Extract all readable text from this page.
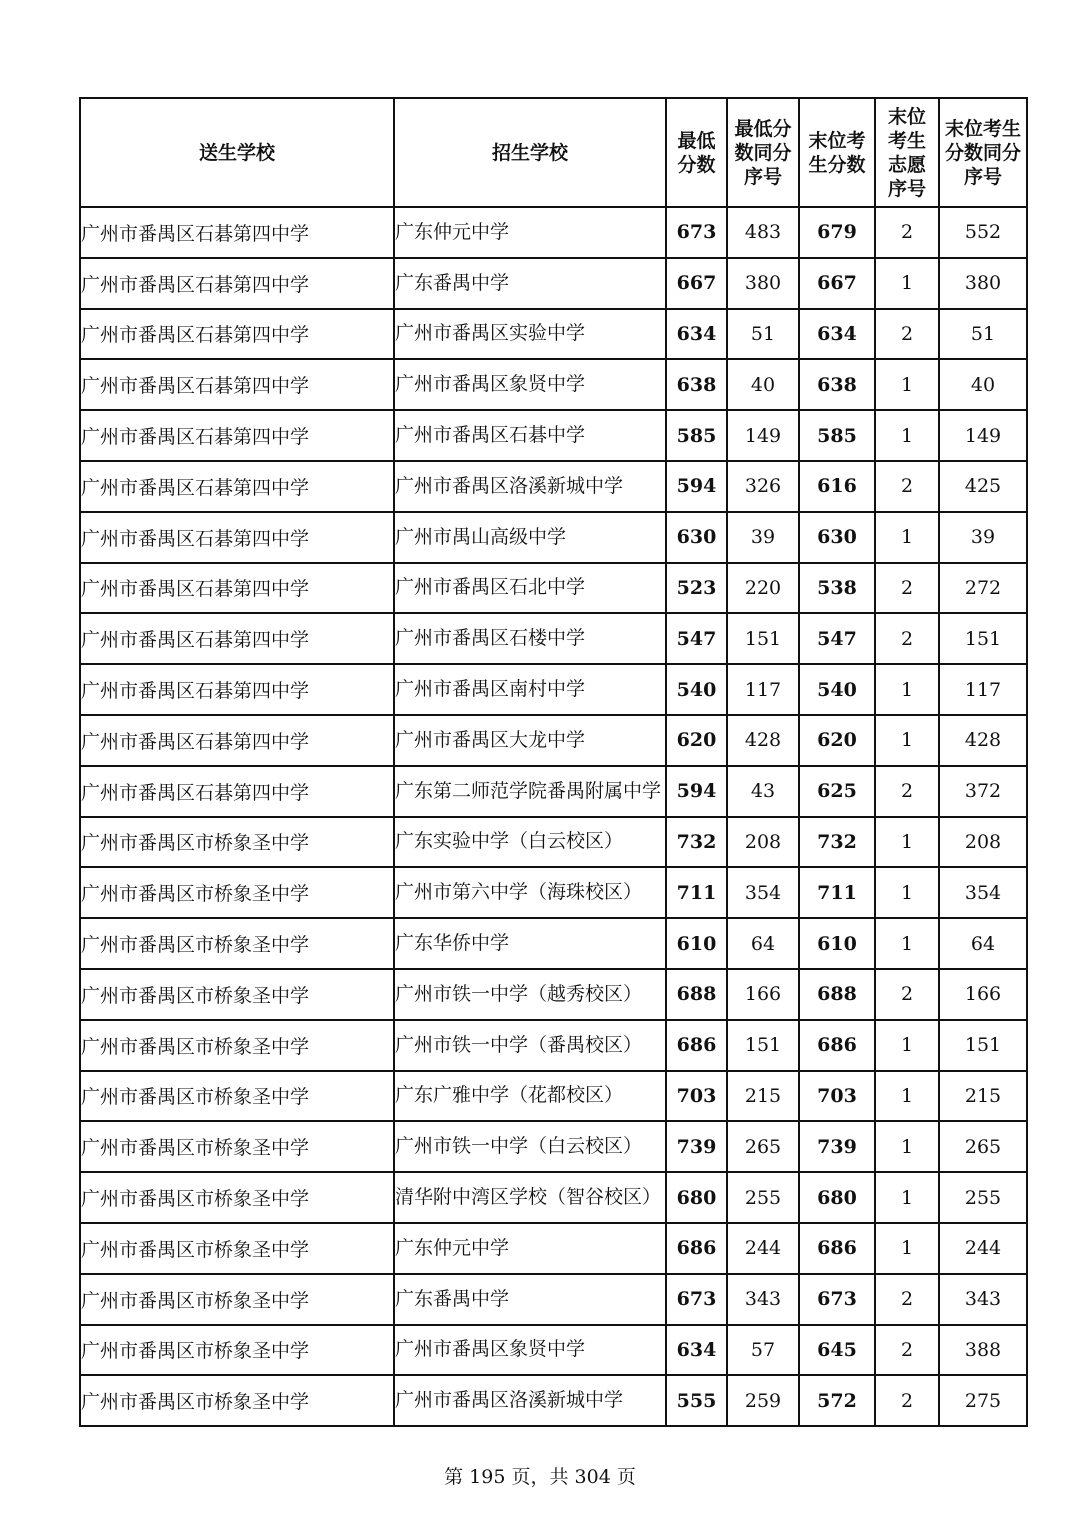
送生学校	招生学校	最低分数	最低分数同分序号	末位考生分数	末位考生志愿序号	末位考生分数同分序号
广州市番禺区石碁第四中学	广东仲元中学	673	483	679	2	552
广州市番禺区石碁第四中学	广东番禺中学	667	380	667	1	380
广州市番禺区石碁第四中学	广州市番禺区实验中学	634	51	634	2	51
广州市番禺区石碁第四中学	广州市番禺区象贤中学	638	40	638	1	40
广州市番禺区石碁第四中学	广州市番禺区石碁中学	585	149	585	1	149
广州市番禺区石碁第四中学	广州市番禺区洛溪新城中学	594	326	616	2	425
广州市番禺区石碁第四中学	广州市禺山高级中学	630	39	630	1	39
广州市番禺区石碁第四中学	广州市番禺区石北中学	523	220	538	2	272
广州市番禺区石碁第四中学	广州市番禺区石楼中学	547	151	547	2	151
广州市番禺区石碁第四中学	广州市番禺区南村中学	540	117	540	1	117
广州市番禺区石碁第四中学	广州市番禺区大龙中学	620	428	620	1	428
广州市番禺区石碁第四中学	广东第二师范学院番禺附属中学	594	43	625	2	372
广州市番禺区市桥象圣中学	广东实验中学（白云校区）	732	208	732	1	208
广州市番禺区市桥象圣中学	广州市第六中学（海珠校区）	711	354	711	1	354
广州市番禺区市桥象圣中学	广东华侨中学	610	64	610	1	64
广州市番禺区市桥象圣中学	广州市铁一中学（越秀校区）	688	166	688	2	166
广州市番禺区市桥象圣中学	广州市铁一中学（番禺校区）	686	151	686	1	151
广州市番禺区市桥象圣中学	广东广雅中学（花都校区）	703	215	703	1	215
广州市番禺区市桥象圣中学	广州市铁一中学（白云校区）	739	265	739	1	265
广州市番禺区市桥象圣中学	清华附中湾区学校（智谷校区）	680	255	680	1	255
广州市番禺区市桥象圣中学	广东仲元中学	686	244	686	1	244
广州市番禺区市桥象圣中学	广东番禺中学	673	343	673	2	343
广州市番禺区市桥象圣中学	广州市番禺区象贤中学	634	57	645	2	388
广州市番禺区市桥象圣中学	广州市番禺区洛溪新城中学	555	259	572	2	275
第 195 页，共 304 页
